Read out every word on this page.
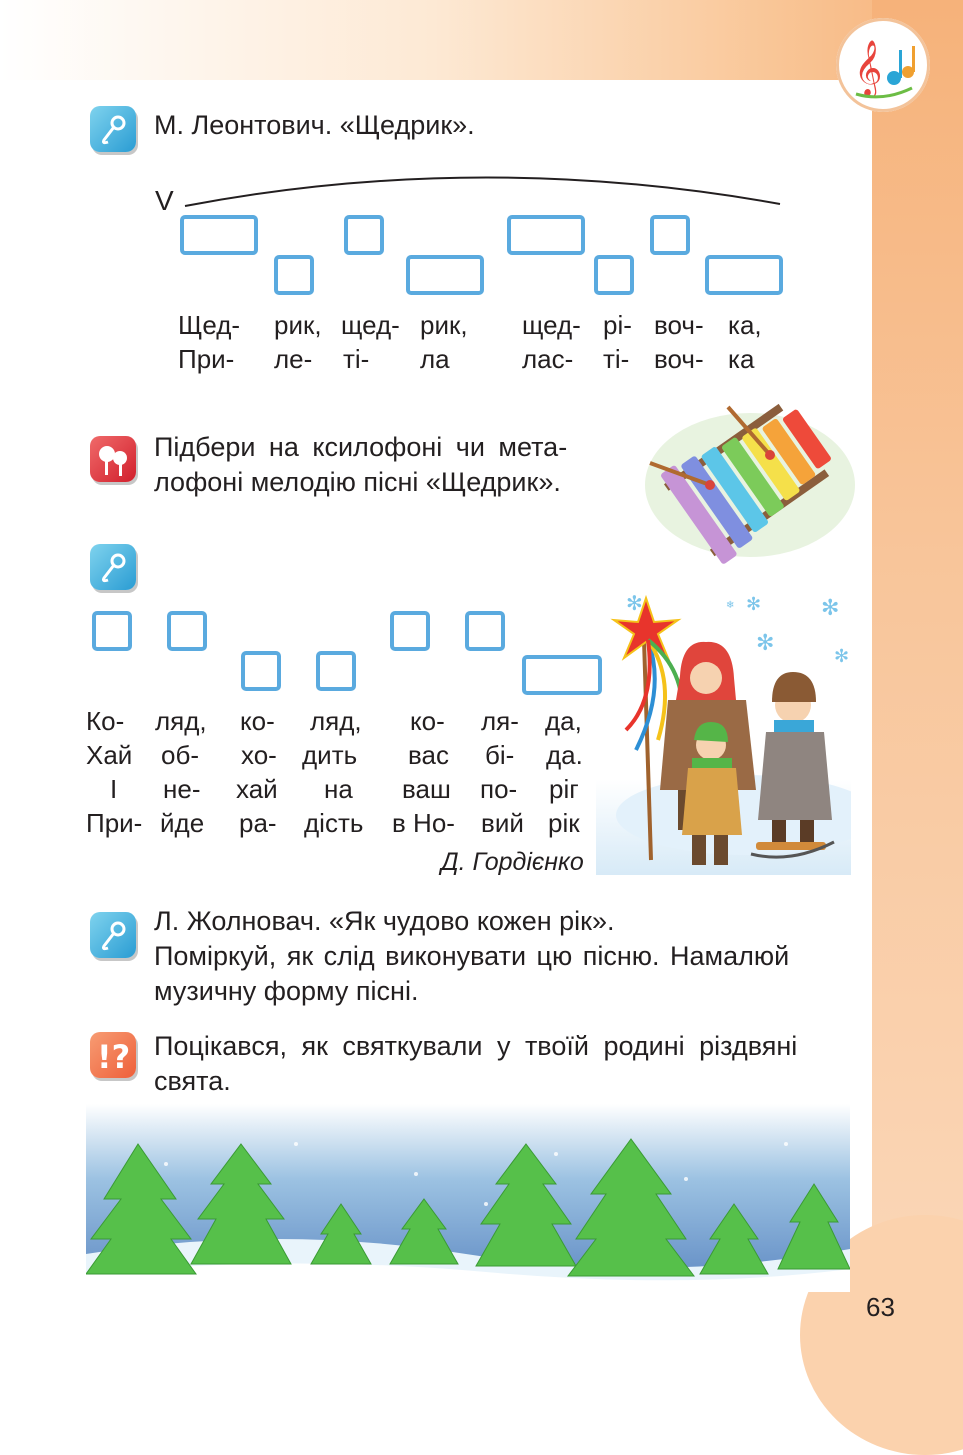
𝄞
М. Леонтович. «Щедрик».
V
Щед- рик, щед- рик, щед- рі- воч- ка,
При- ле- ті- ла	лас- ті- воч- ка
Підбери на ксилофоні чи мета-
лофоні мелодію пісні «Щедрик».
Ко- ляд, ко- ляд, ко- ля- да,
Хай об- хо- дить вас бі- да.
І не- хай на ваш по- ріг
При- йде ра- дість в Но- вий рік
Д. Гордієнко
✻	✻	✻
✻
✻
❄
Л. Жолновач. «Як чудово кожен рік».
Поміркуй, як слід виконувати цю пісню. Намалюй
музичну форму пісні.
!? Поцікався, як святкували у твоїй родині різдвяні
свята.
63
